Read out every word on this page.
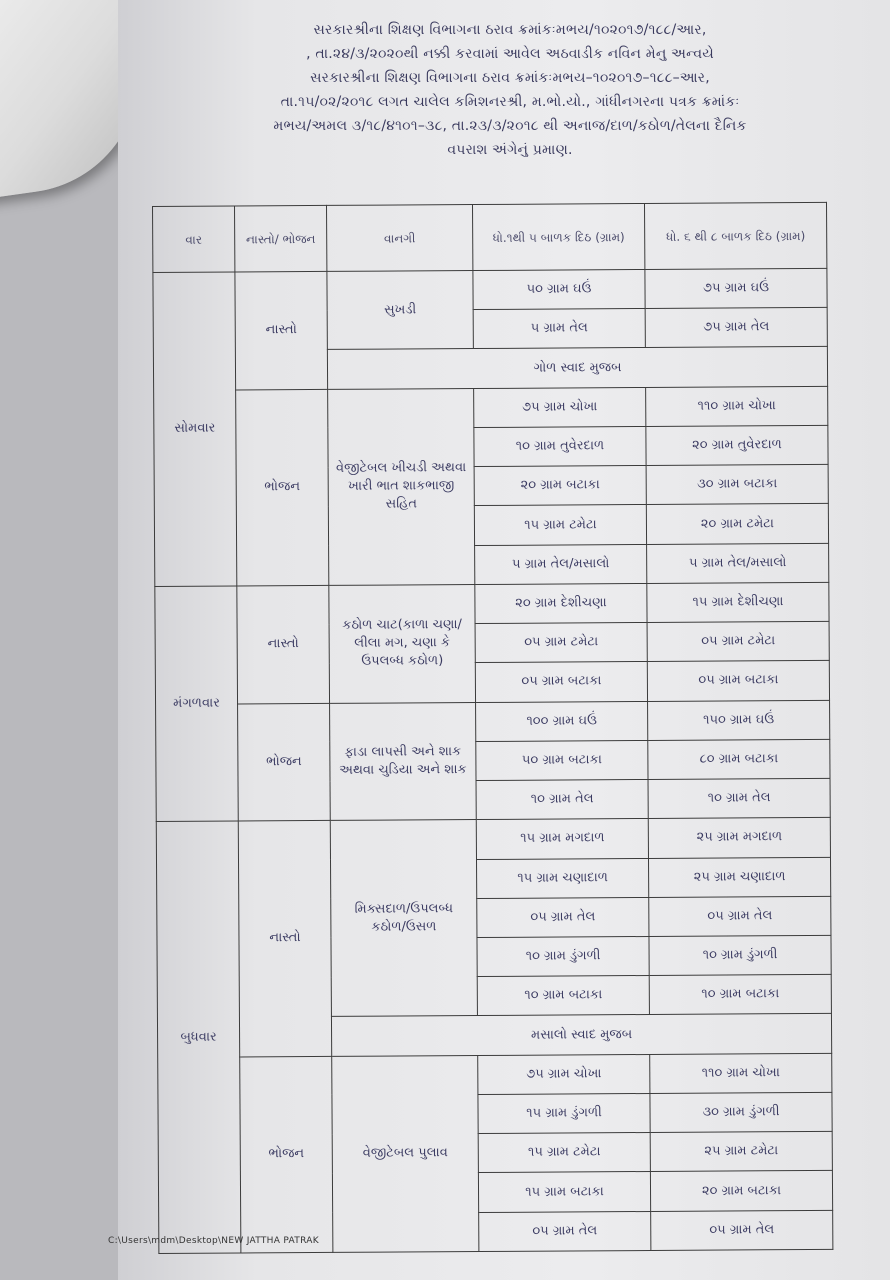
સરકારશ્રીના શિક્ષણ વિભાગના ઠરાવ ક્રમાંકઃમભય/૧૦૨૦૧૭/૧૮૮/આર,
, તા.૨૪/૩/૨૦૨૦થી નક્કી કરવામાં આવેલ અઠવાડીક નવિન મેનુ અન્વયે
સરકારશ્રીના શિક્ષણ વિભાગના ઠરાવ ક્રમાંકઃમભય–૧૦૨૦૧૭–૧૮૮–આર,
તા.૧૫/૦૨/૨૦૧૮ લગત ચાલેલ કમિશનરશ્રી, મ.ભો.યો., ગાંધીનગરના પત્રક ક્રમાંકઃ
મભય/અમલ ૩/૧૮/૪૧૦૧–૩૮, તા.૨૩/૩/૨૦૧૮ થી અનાજ/દાળ/કઠોળ/તેલના દૈનિક
વપરાશ અંગેનું પ્રમાણ.
વાર	નાસ્તો/ ભોજન	વાનગી	ધો.૧થી ૫ બાળક દિઠ (ગ્રામ)	ધો. ૬ થી ૮ બાળક દિઠ (ગ્રામ)
સોમવાર	નાસ્તો	સુખડી	૫૦ ગ્રામ ઘઉં	૭૫ ગ્રામ ઘઉં
			૫ ગ્રામ તેલ	૭૫ ગ્રામ તેલ
		ગોળ સ્વાદ મુજબ		
	ભોજન	વેજીટેબલ ખીચડી અથવા ખારી ભાત શાકભાજી સહિત	૭૫ ગ્રામ ચોખા	૧૧૦ ગ્રામ ચોખા
			૧૦ ગ્રામ તુવેરદાળ	૨૦ ગ્રામ તુવેરદાળ
			૨૦ ગ્રામ બટાકા	૩૦ ગ્રામ બટાકા
			૧૫ ગ્રામ ટમેટા	૨૦ ગ્રામ ટમેટા
			૫ ગ્રામ તેલ/મસાલો	૫ ગ્રામ તેલ/મસાલો
મંગળવાર	નાસ્તો	કઠોળ ચાટ(કાળા ચણા/લીલા મગ, ચણા કે ઉપલબ્ધ કઠોળ)	૨૦ ગ્રામ દેશીચણા	૧૫ ગ્રામ દેશીચણા
			૦૫ ગ્રામ ટમેટા	૦૫ ગ્રામ ટમેટા
			૦૫ ગ્રામ બટાકા	૦૫ ગ્રામ બટાકા
	ભોજન	ફાડા લાપસી અને શાક અથવા ચુડિયા અને શાક	૧૦૦ ગ્રામ ઘઉં	૧૫૦ ગ્રામ ઘઉં
			૫૦ ગ્રામ બટાકા	૮૦ ગ્રામ બટાકા
			૧૦ ગ્રામ તેલ	૧૦ ગ્રામ તેલ
બુધવાર	નાસ્તો	મિક્સદાળ/ઉપલબ્ધ કઠોળ/ઉસળ	૧૫ ગ્રામ મગદાળ	૨૫ ગ્રામ મગદાળ
			૧૫ ગ્રામ ચણાદાળ	૨૫ ગ્રામ ચણાદાળ
			૦૫ ગ્રામ તેલ	૦૫ ગ્રામ તેલ
			૧૦ ગ્રામ ડુંગળી	૧૦ ગ્રામ ડુંગળી
			૧૦ ગ્રામ બટાકા	૧૦ ગ્રામ બટાકા
		મસાલો સ્વાદ મુજબ		
	ભોજન	વેજીટેબલ પુલાવ	૭૫ ગ્રામ ચોખા	૧૧૦ ગ્રામ ચોખા
			૧૫ ગ્રામ ડુંગળી	૩૦ ગ્રામ ડુંગળી
			૧૫ ગ્રામ ટમેટા	૨૫ ગ્રામ ટમેટા
			૧૫ ગ્રામ બટાકા	૨૦ ગ્રામ બટાકા
			૦૫ ગ્રામ તેલ	૦૫ ગ્રામ તેલ
C:\Users\mdm\Desktop\NEW JATTHA PATRAK
